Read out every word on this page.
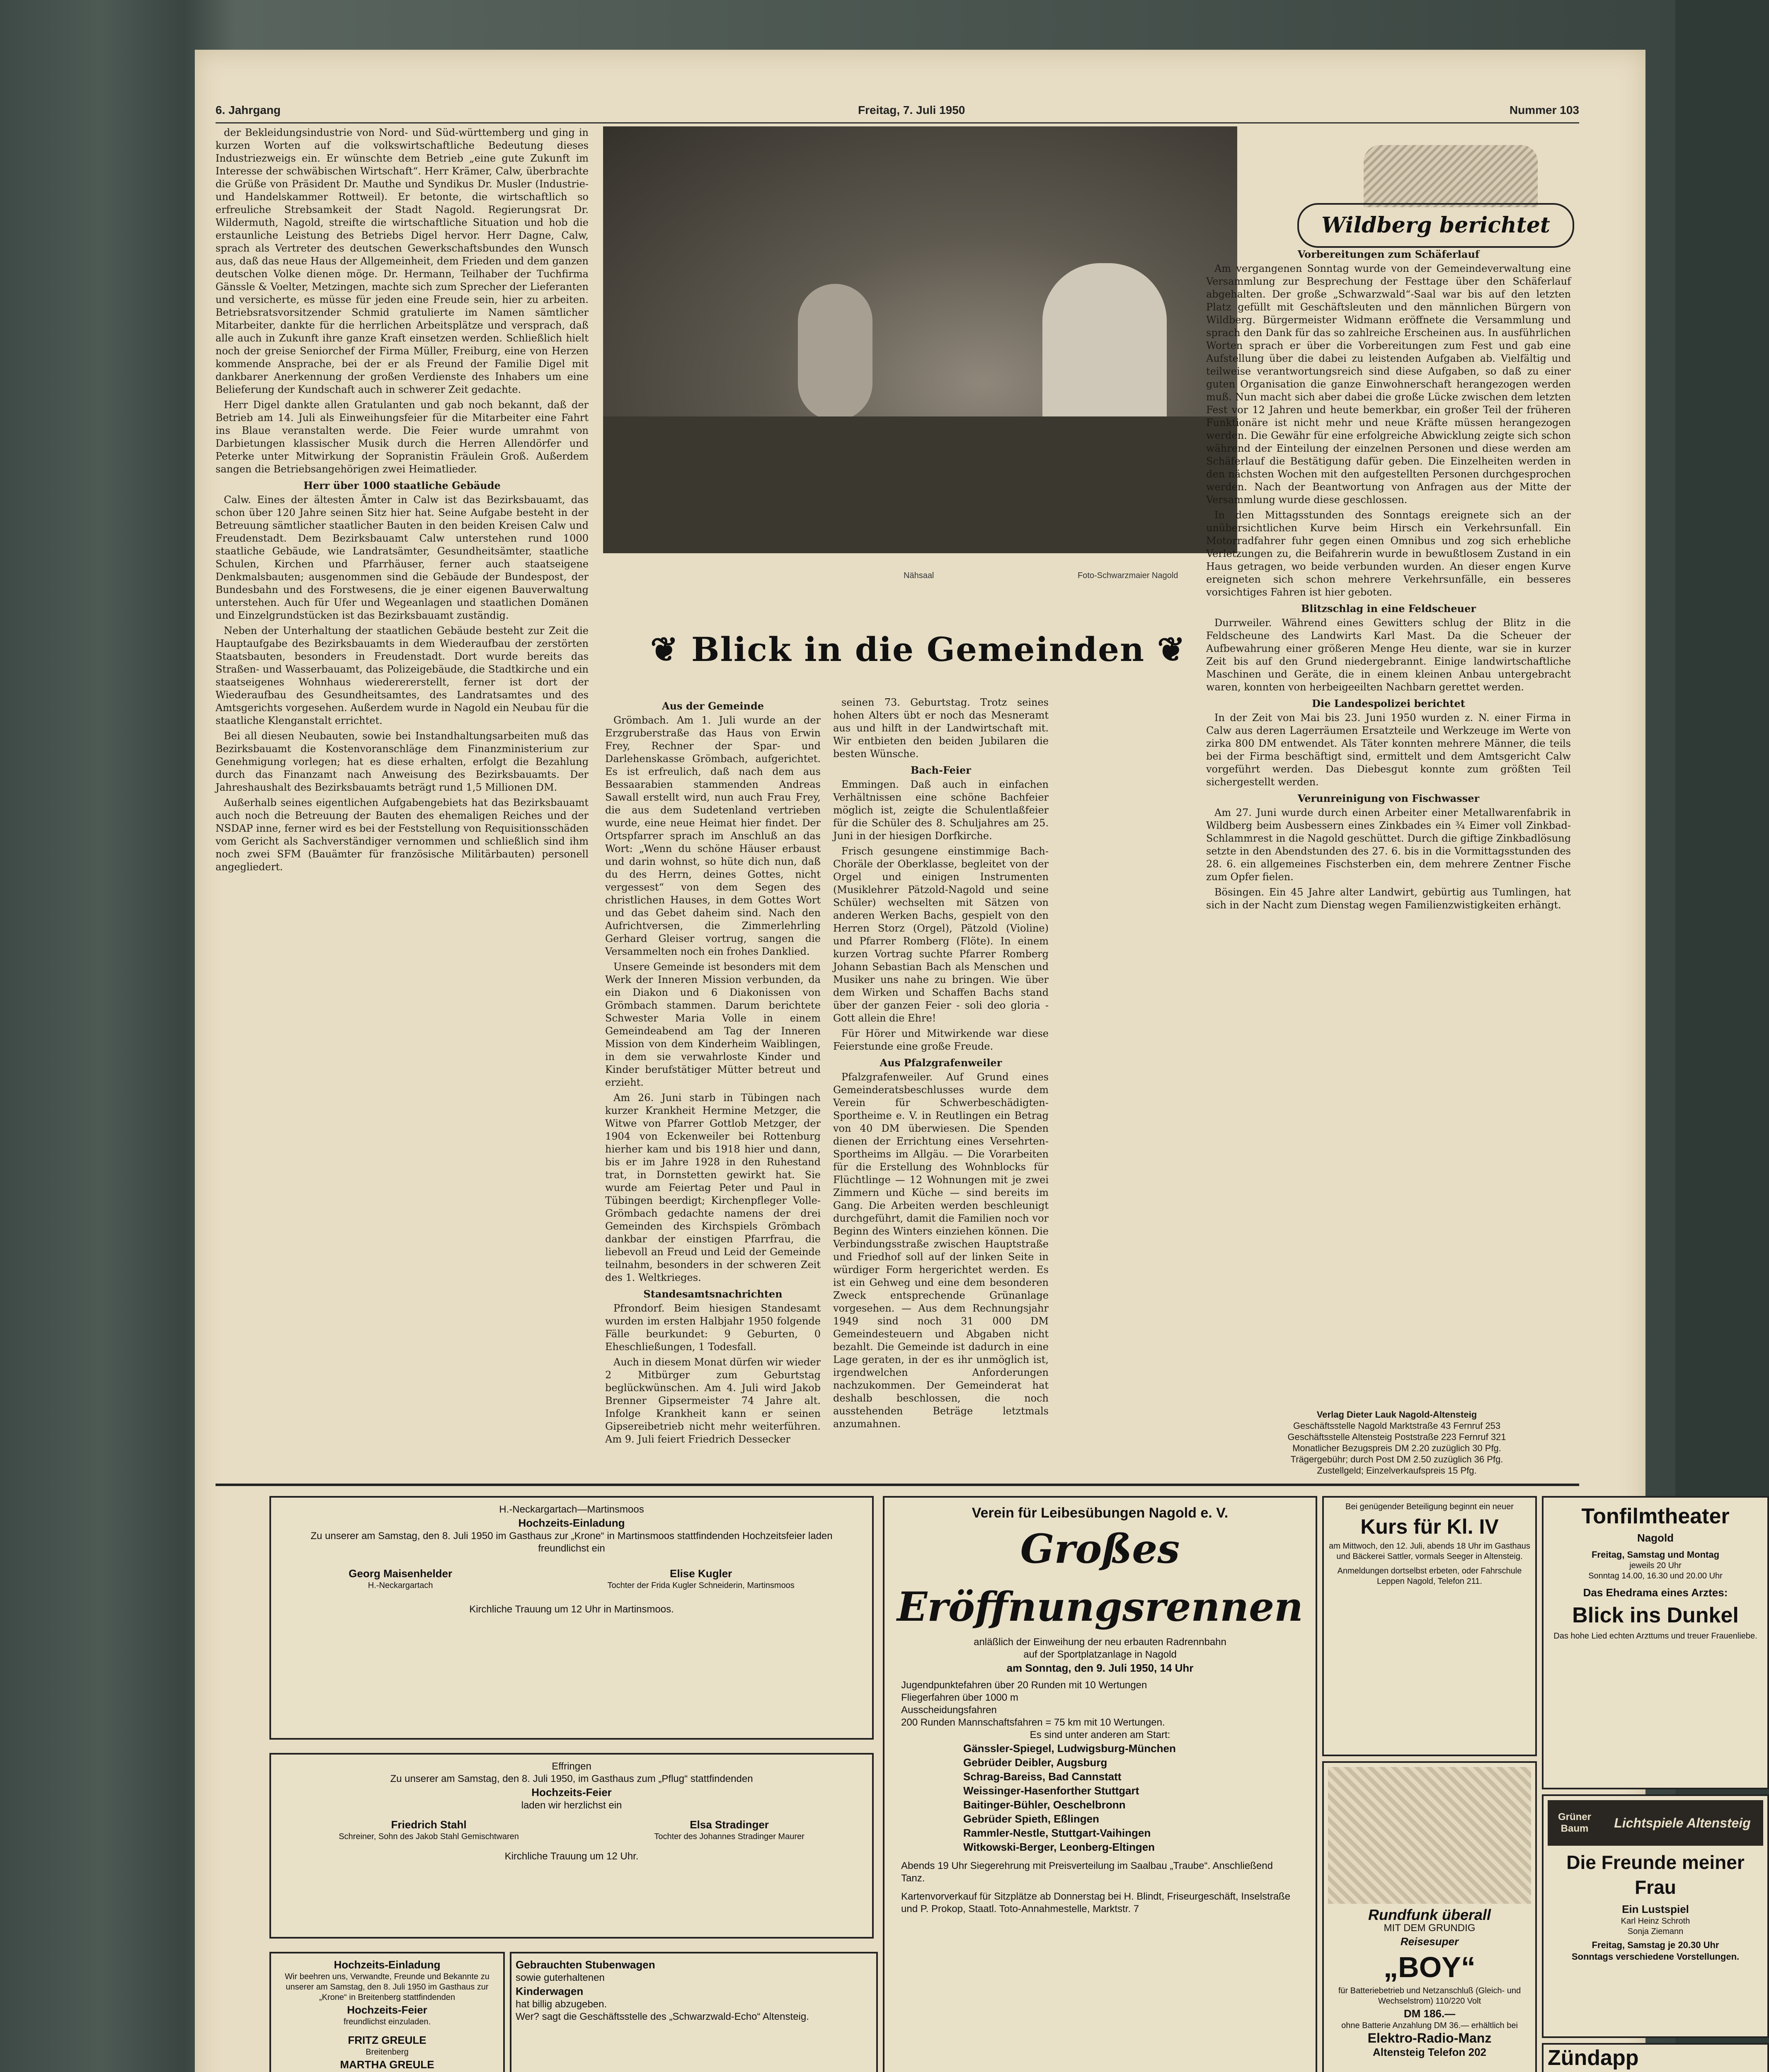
6. Jahrgang	Freitag, 7. Juli 1950	Nummer 103

der Bekleidungsindustrie von Nord- und Süd-württemberg und ging in kurzen Worten auf die volkswirtschaftliche Bedeutung dieses Industriezweigs ein. Er wünschte dem Betrieb „eine gute Zukunft im Interesse der schwäbischen Wirtschaft“. Herr Krämer, Calw, überbrachte die Grüße von Präsident Dr. Mauthe und Syndikus Dr. Musler (Industrie- und Handelskammer Rottweil). Er betonte, die wirtschaftlich so erfreuliche Strebsamkeit der Stadt Nagold. Regierungsrat Dr. Wildermuth, Nagold, streifte die wirtschaftliche Situation und hob die erstaunliche Leistung des Betriebs Digel hervor. Herr Dagne, Calw, sprach als Vertreter des deutschen Gewerkschaftsbundes den Wunsch aus, daß das neue Haus der Allgemeinheit, dem Frieden und dem ganzen deutschen Volke dienen möge. Dr. Hermann, Teilhaber der Tuchfirma Gänssle & Voelter, Metzingen, machte sich zum Sprecher der Lieferanten und versicherte, es müsse für jeden eine Freude sein, hier zu arbeiten. Betriebsratsvorsitzender Schmid gratulierte im Namen sämtlicher Mitarbeiter, dankte für die herrlichen Arbeitsplätze und versprach, daß alle auch in Zukunft ihre ganze Kraft einsetzen werden. Schließlich hielt noch der greise Seniorchef der Firma Müller, Freiburg, eine von Herzen kommende Ansprache, bei der er als Freund der Familie Digel mit dankbarer Anerkennung der großen Verdienste des Inhabers um eine Belieferung der Kundschaft auch in schwerer Zeit gedachte.

Herr Digel dankte allen Gratulanten und gab noch bekannt, daß der Betrieb am 14. Juli als Einweihungsfeier für die Mitarbeiter eine Fahrt ins Blaue veranstalten werde. Die Feier wurde umrahmt von Darbietungen klassischer Musik durch die Herren Allendörfer und Peterke unter Mitwirkung der Sopranistin Fräulein Groß. Außerdem sangen die Betriebsangehörigen zwei Heimatlieder.

Herr über 1000 staatliche Gebäude

Calw. Eines der ältesten Ämter in Calw ist das Bezirksbauamt, das schon über 120 Jahre seinen Sitz hier hat. Seine Aufgabe besteht in der Betreuung sämtlicher staatlicher Bauten in den beiden Kreisen Calw und Freudenstadt. Dem Bezirksbauamt Calw unterstehen rund 1000 staatliche Gebäude, wie Landratsämter, Gesundheitsämter, staatliche Schulen, Kirchen und Pfarrhäuser, ferner auch staatseigene Denkmalsbauten; ausgenommen sind die Gebäude der Bundespost, der Bundesbahn und des Forstwesens, die je einer eigenen Bauverwaltung unterstehen. Auch für Ufer und Wegeanlagen und staatlichen Domänen und Einzelgrundstücken ist das Bezirksbauamt zuständig.

Neben der Unterhaltung der staatlichen Gebäude besteht zur Zeit die Hauptaufgabe des Bezirksbauamts in dem Wiederaufbau der zerstörten Staatsbauten, besonders in Freudenstadt. Dort wurde bereits das Straßen- und Wasserbauamt, das Polizeigebäude, die Stadtkirche und ein staatseigenes Wohnhaus wiederererstellt, ferner ist dort der Wiederaufbau des Gesundheitsamtes, des Landratsamtes und des Amtsgerichts vorgesehen. Außerdem wurde in Nagold ein Neubau für die staatliche Klenganstalt errichtet.

Bei all diesen Neubauten, sowie bei Instandhaltungsarbeiten muß das Bezirksbauamt die Kostenvoranschläge dem Finanzministerium zur Genehmigung vorlegen; hat es diese erhalten, erfolgt die Bezahlung durch das Finanzamt nach Anweisung des Bezirksbauamts. Der Jahreshaushalt des Bezirksbauamts beträgt rund 1,5 Millionen DM.

Außerhalb seines eigentlichen Aufgabengebiets hat das Bezirksbauamt auch noch die Betreuung der Bauten des ehemaligen Reiches und der NSDAP inne, ferner wird es bei der Feststellung von Requisitionsschäden vom Gericht als Sachverständiger vernommen und schließlich sind ihm noch zwei SFM (Bauämter für französische Militärbauten) personell angegliedert.

Nähsaal	Foto-Schwarzmaier Nagold
❦ Blick in die Gemeinden ❦
Aus der Gemeinde

Grömbach. Am 1. Juli wurde an der Erzgruberstraße das Haus von Erwin Frey, Rechner der Spar- und Darlehenskasse Grömbach, aufgerichtet. Es ist erfreulich, daß nach dem aus Bessaarabien stammenden Andreas Sawall erstellt wird, nun auch Frau Frey, die aus dem Sudetenland vertrieben wurde, eine neue Heimat hier findet. Der Ortspfarrer sprach im Anschluß an das Wort: „Wenn du schöne Häuser erbaust und darin wohnst, so hüte dich nun, daß du des Herrn, deines Gottes, nicht vergessest“ von dem Segen des christlichen Hauses, in dem Gottes Wort und das Gebet daheim sind. Nach den Aufrichtversen, die Zimmerlehrling Gerhard Gleiser vortrug, sangen die Versammelten noch ein frohes Danklied.

Unsere Gemeinde ist besonders mit dem Werk der Inneren Mission verbunden, da ein Diakon und 6 Diakonissen von Grömbach stammen. Darum berichtete Schwester Maria Volle in einem Gemeindeabend am Tag der Inneren Mission von dem Kinderheim Waiblingen, in dem sie verwahrloste Kinder und Kinder berufstätiger Mütter betreut und erzieht.

Am 26. Juni starb in Tübingen nach kurzer Krankheit Hermine Metzger, die Witwe von Pfarrer Gottlob Metzger, der 1904 von Eckenweiler bei Rottenburg hierher kam und bis 1918 hier und dann, bis er im Jahre 1928 in den Ruhestand trat, in Dornstetten gewirkt hat. Sie wurde am Feiertag Peter und Paul in Tübingen beerdigt; Kirchenpfleger Volle-Grömbach gedachte namens der drei Gemeinden des Kirchspiels Grömbach dankbar der einstigen Pfarrfrau, die liebevoll an Freud und Leid der Gemeinde teilnahm, besonders in der schweren Zeit des 1. Weltkrieges.

Standesamtsnachrichten

Pfrondorf. Beim hiesigen Standesamt wurden im ersten Halbjahr 1950 folgende Fälle beurkundet: 9 Geburten, 0 Eheschließungen, 1 Todesfall.

Auch in diesem Monat dürfen wir wieder 2 Mitbürger zum Geburtstag beglückwünschen. Am 4. Juli wird Jakob Brenner Gipsermeister 74 Jahre alt. Infolge Krankheit kann er seinen Gipsereibetrieb nicht mehr weiterführen. Am 9. Juli feiert Friedrich Dessecker

seinen 73. Geburtstag. Trotz seines hohen Alters übt er noch das Mesneramt aus und hilft in der Landwirtschaft mit. Wir entbieten den beiden Jubilaren die besten Wünsche.

Bach-Feier

Emmingen. Daß auch in einfachen Verhältnissen eine schöne Bachfeier möglich ist, zeigte die Schulentlaßfeier für die Schüler des 8. Schuljahres am 25. Juni in der hiesigen Dorfkirche.

Frisch gesungene einstimmige Bach-Choräle der Oberklasse, begleitet von der Orgel und einigen Instrumenten (Musiklehrer Pätzold-Nagold und seine Schüler) wechselten mit Sätzen von anderen Werken Bachs, gespielt von den Herren Storz (Orgel), Pätzold (Violine) und Pfarrer Romberg (Flöte). In einem kurzen Vortrag suchte Pfarrer Romberg Johann Sebastian Bach als Menschen und Musiker uns nahe zu bringen. Wie über dem Wirken und Schaffen Bachs stand über der ganzen Feier - soli deo gloria - Gott allein die Ehre!

Für Hörer und Mitwirkende war diese Feierstunde eine große Freude.

Aus Pfalzgrafenweiler

Pfalzgrafenweiler. Auf Grund eines Gemeinderatsbeschlusses wurde dem Verein für Schwerbeschädigten-Sportheime e. V. in Reutlingen ein Betrag von 40 DM überwiesen. Die Spenden dienen der Errichtung eines Versehrten-Sportheims im Allgäu. — Die Vorarbeiten für die Erstellung des Wohnblocks für Flüchtlinge — 12 Wohnungen mit je zwei Zimmern und Küche — sind bereits im Gang. Die Arbeiten werden beschleunigt durchgeführt, damit die Familien noch vor Beginn des Winters einziehen können. Die Verbindungsstraße zwischen Hauptstraße und Friedhof soll auf der linken Seite in würdiger Form hergerichtet werden. Es ist ein Gehweg und eine dem besonderen Zweck entsprechende Grünanlage vorgesehen. — Aus dem Rechnungsjahr 1949 sind noch 31 000 DM Gemeindesteuern und Abgaben nicht bezahlt. Die Gemeinde ist dadurch in eine Lage geraten, in der es ihr unmöglich ist, irgendwelchen Anforderungen nachzukommen. Der Gemeinderat hat deshalb beschlossen, die noch ausstehenden Beträge letztmals anzumahnen.

Wildberg berichtet
Vorbereitungen zum Schäferlauf

Am vergangenen Sonntag wurde von der Gemeindeverwaltung eine Versammlung zur Besprechung der Festtage über den Schäferlauf abgehalten. Der große „Schwarzwald“-Saal war bis auf den letzten Platz gefüllt mit Geschäftsleuten und den männlichen Bürgern von Wildberg. Bürgermeister Widmann eröffnete die Versammlung und sprach den Dank für das so zahlreiche Erscheinen aus. In ausführlichen Worten sprach er über die Vorbereitungen zum Fest und gab eine Aufstellung über die dabei zu leistenden Aufgaben ab. Vielfältig und teilweise verantwortungsreich sind diese Aufgaben, so daß zu einer guten Organisation die ganze Einwohnerschaft herangezogen werden muß. Nun macht sich aber dabei die große Lücke zwischen dem letzten Fest vor 12 Jahren und heute bemerkbar, ein großer Teil der früheren Funktionäre ist nicht mehr und neue Kräfte müssen herangezogen werden. Die Gewähr für eine erfolgreiche Abwicklung zeigte sich schon während der Einteilung der einzelnen Personen und diese werden am Schäferlauf die Bestätigung dafür geben. Die Einzelheiten werden in den nächsten Wochen mit den aufgestellten Personen durchgesprochen werden. Nach der Beantwortung von Anfragen aus der Mitte der Versammlung wurde diese geschlossen.

In den Mittagsstunden des Sonntags ereignete sich an der unübersichtlichen Kurve beim Hirsch ein Verkehrsunfall. Ein Motorradfahrer fuhr gegen einen Omnibus und zog sich erhebliche Verletzungen zu, die Beifahrerin wurde in bewußtlosem Zustand in ein Haus getragen, wo beide verbunden wurden. An dieser engen Kurve ereigneten sich schon mehrere Verkehrsunfälle, ein besseres vorsichtiges Fahren ist hier geboten.

Blitzschlag in eine Feldscheuer

Durrweiler. Während eines Gewitters schlug der Blitz in die Feldscheune des Landwirts Karl Mast. Da die Scheuer der Aufbewahrung einer größeren Menge Heu diente, war sie in kurzer Zeit bis auf den Grund niedergebrannt. Einige landwirtschaftliche Maschinen und Geräte, die in einem kleinen Anbau untergebracht waren, konnten von herbeigeeilten Nachbarn gerettet werden.

Die Landespolizei berichtet

In der Zeit von Mai bis 23. Juni 1950 wurden z. N. einer Firma in Calw aus deren Lagerräumen Ersatzteile und Werkzeuge im Werte von zirka 800 DM entwendet. Als Täter konnten mehrere Männer, die teils bei der Firma beschäftigt sind, ermittelt und dem Amtsgericht Calw vorgeführt werden. Das Diebesgut konnte zum größten Teil sichergestellt werden.

Verunreinigung von Fischwasser

Am 27. Juni wurde durch einen Arbeiter einer Metallwarenfabrik in Wildberg beim Ausbessern eines Zinkbades ein ¾ Eimer voll Zinkbad-Schlammrest in die Nagold geschüttet. Durch die giftige Zinkbadlösung setzte in den Abendstunden des 27. 6. bis in die Vormittagsstunden des 28. 6. ein allgemeines Fischsterben ein, dem mehrere Zentner Fische zum Opfer fielen.

Bösingen. Ein 45 Jahre alter Landwirt, gebürtig aus Tumlingen, hat sich in der Nacht zum Dienstag wegen Familienzwistigkeiten erhängt.

Verlag Dieter Lauk Nagold-Altensteig
Geschäftsstelle Nagold Marktstraße 43 Fernruf 253
Geschäftsstelle Altensteig Poststraße 223 Fernruf 321
Monatlicher Bezugspreis DM 2.20 zuzüglich 30 Pfg.
Trägergebühr; durch Post DM 2.50 zuzüglich 36 Pfg.
Zustellgeld; Einzelverkaufspreis 15 Pfg.
H.-Neckargartach—Martinsmoos
Hochzeits-Einladung
Zu unserer am Samstag, den 8. Juli 1950 im Gasthaus zur „Krone“ in Martinsmoos stattfindenden Hochzeitsfeier laden freundlichst ein
Georg Maisenhelder
H.-Neckargartach
Elise Kugler
Tochter der Frida Kugler Schneiderin, Martinsmoos
Kirchliche Trauung um 12 Uhr in Martinsmoos.
Effringen
Zu unserer am Samstag, den 8. Juli 1950, im Gasthaus zum „Pflug“ stattfindenden
Hochzeits-Feier
laden wir herzlichst ein
Friedrich Stahl
Schreiner, Sohn des Jakob Stahl Gemischtwaren
Elsa Stradinger
Tochter des Johannes Stradinger Maurer
Kirchliche Trauung um 12 Uhr.
Hochzeits-Einladung
Wir beehren uns, Verwandte, Freunde und Bekannte zu unserer am Samstag, den 8. Juli 1950 im Gasthaus zur „Krone“ in Breitenberg stattfindenden
Hochzeits-Feier
freundlichst einzuladen.
FRITZ GREULE
Breitenberg
MARTHA GREULE
Gebrauchten Stubenwagen
sowie guterhaltenen
Kinderwagen
hat billig abzugeben.
Wer? sagt die Geschäftsstelle des „Schwarzwald-Echo“ Altensteig.
Verein für Leibesübungen Nagold e. V.
Großes
Eröffnungsrennen
anläßlich der Einweihung der neu erbauten Radrennbahn
auf der Sportplatzanlage in Nagold
am Sonntag, den 9. Juli 1950, 14 Uhr
Jugendpunktefahren über 20 Runden mit 10 Wertungen
Fliegerfahren über 1000 m
Ausscheidungsfahren
200 Runden Mannschaftsfahren = 75 km mit 10 Wertungen.
Es sind unter anderen am Start:
Gänssler-Spiegel, Ludwigsburg-München
Gebrüder Deibler, Augsburg
Schrag-Bareiss, Bad Cannstatt
Weissinger-Hasenforther Stuttgart
Baitinger-Bühler, Oeschelbronn
Gebrüder Spieth, Eßlingen
Rammler-Nestle, Stuttgart-Vaihingen
Witkowski-Berger, Leonberg-Eltingen
Abends 19 Uhr Siegerehrung mit Preisverteilung im Saalbau „Traube“. Anschließend Tanz.
Kartenvorverkauf für Sitzplätze ab Donnerstag bei H. Blindt, Friseurgeschäft, Inselstraße und P. Prokop, Staatl. Toto-Annahmestelle, Marktstr. 7
Bei genügender Beteiligung beginnt ein neuer
Kurs für Kl. IV
am Mittwoch, den 12. Juli, abends 18 Uhr im Gasthaus und Bäckerei Sattler, vormals Seeger in Altensteig.
Anmeldungen dortselbst erbeten, oder Fahrschule Leppen Nagold, Telefon 211.
Rundfunk überall
MIT DEM GRUNDIG
Reisesuper
„BOY“
für Batteriebetrieb und Netzanschluß (Gleich- und Wechselstrom) 110/220 Volt
DM 186.—
ohne Batterie Anzahlung DM 36.— erhältlich bei
Elektro-Radio-Manz
Altensteig Telefon 202
Tonfilmtheater
Nagold
Freitag, Samstag und Montag
jeweils 20 Uhr
Sonntag 14.00, 16.30 und 20.00 Uhr
Das Ehedrama eines Arztes:
Blick ins Dunkel
Das hohe Lied echten Arzttums und treuer Frauenliebe.
Grüner Baum	Lichtspiele Altensteig
Die Freunde meiner Frau
Ein Lustspiel
Karl Heinz Schroth
Sonja Ziemann
Freitag, Samstag je 20.30 Uhr
Sonntags verschiedene Vorstellungen.
Zündapp
